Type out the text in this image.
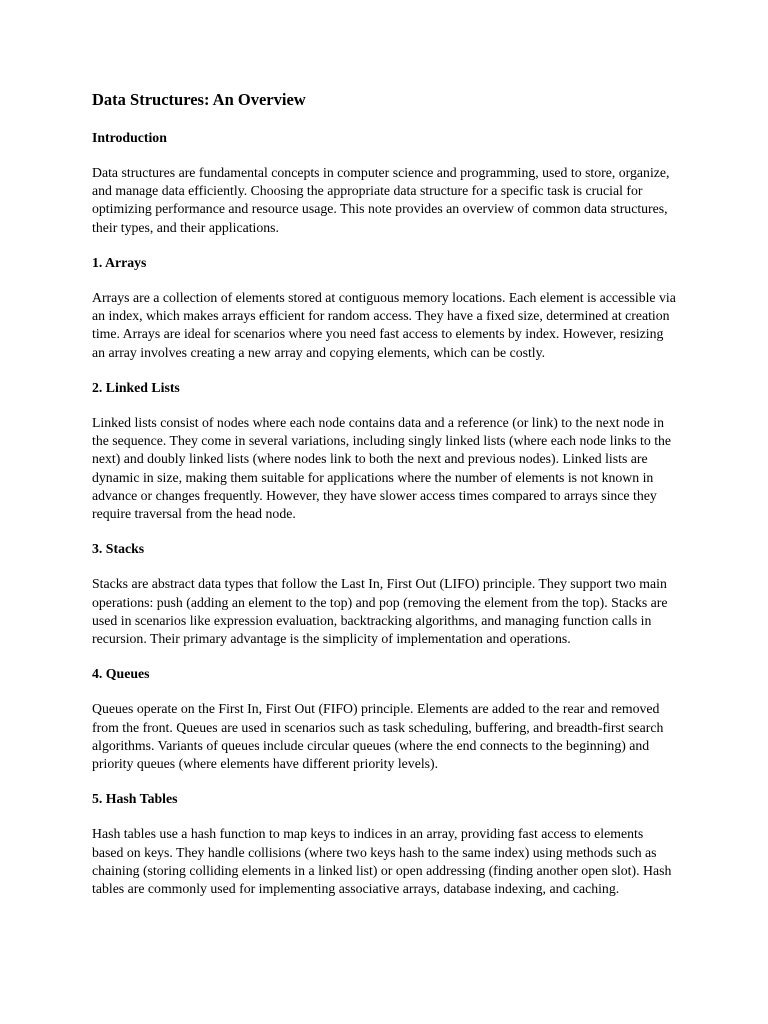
Data Structures: An Overview
Introduction

Data structures are fundamental concepts in computer science and programming, used to store, organize, and manage data efficiently. Choosing the appropriate data structure for a specific task is crucial for optimizing performance and resource usage. This note provides an overview of common data structures, their types, and their applications.

1. Arrays

Arrays are a collection of elements stored at contiguous memory locations. Each element is accessible via an index, which makes arrays efficient for random access. They have a fixed size, determined at creation time. Arrays are ideal for scenarios where you need fast access to elements by index. However, resizing an array involves creating a new array and copying elements, which can be costly.

2. Linked Lists

Linked lists consist of nodes where each node contains data and a reference (or link) to the next node in the sequence. They come in several variations, including singly linked lists (where each node links to the next) and doubly linked lists (where nodes link to both the next and previous nodes). Linked lists are dynamic in size, making them suitable for applications where the number of elements is not known in advance or changes frequently. However, they have slower access times compared to arrays since they require traversal from the head node.

3. Stacks

Stacks are abstract data types that follow the Last In, First Out (LIFO) principle. They support two main operations: push (adding an element to the top) and pop (removing the element from the top). Stacks are used in scenarios like expression evaluation, backtracking algorithms, and managing function calls in recursion. Their primary advantage is the simplicity of implementation and operations.

4. Queues

Queues operate on the First In, First Out (FIFO) principle. Elements are added to the rear and removed from the front. Queues are used in scenarios such as task scheduling, buffering, and breadth-first search algorithms. Variants of queues include circular queues (where the end connects to the beginning) and priority queues (where elements have different priority levels).

5. Hash Tables

Hash tables use a hash function to map keys to indices in an array, providing fast access to elements based on keys. They handle collisions (where two keys hash to the same index) using methods such as chaining (storing colliding elements in a linked list) or open addressing (finding another open slot). Hash tables are commonly used for implementing associative arrays, database indexing, and caching.
